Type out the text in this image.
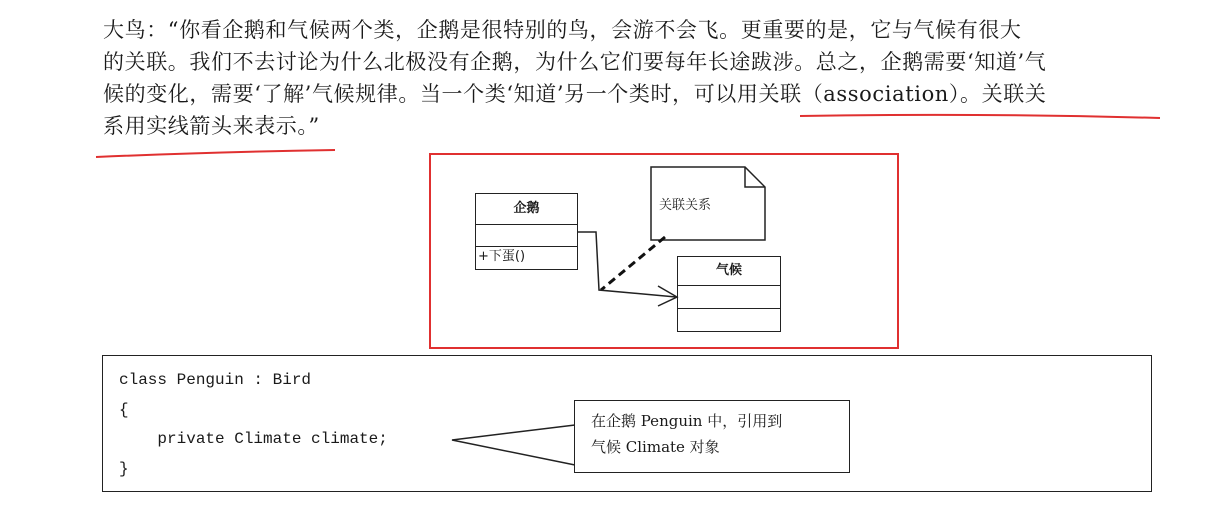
大鸟：“你看企鹅和气候两个类，企鹅是很特别的鸟，会游不会飞。更重要的是，它与气候有很大
的关联。我们不去讨论为什么北极没有企鹅，为什么它们要每年长途跋涉。总之，企鹅需要‘知道’气
候的变化，需要‘了解’气候规律。当一个类‘知道’另一个类时，可以用关联（association）。关联关
系用实线箭头来表示。”
企鹅
+下蛋()
气候
关联关系
class Penguin : Bird
{
private Climate climate;
}
在企鹅 Penguin 中，引用到
气候 Climate 对象
